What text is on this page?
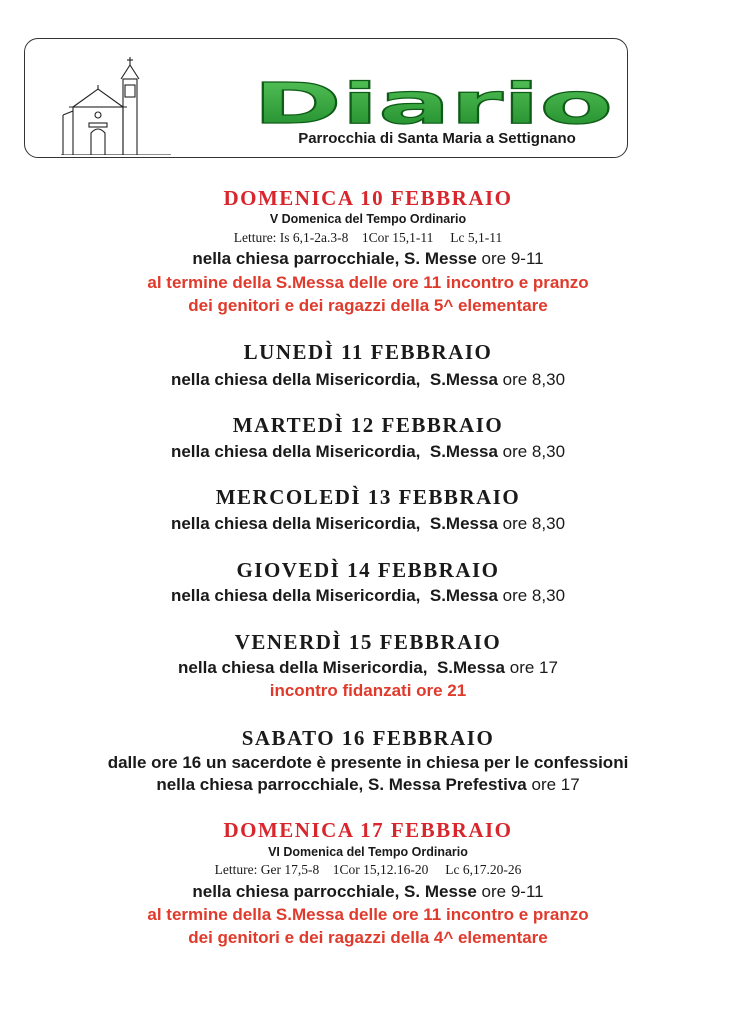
Diario
Parrocchia di Santa Maria a Settignano
DOMENICA 10 FEBBRAIO
V Domenica del Tempo Ordinario
Letture: Is 6,1-2a.3-8 1Cor 15,1-11 Lc 5,1-11
nella chiesa parrocchiale, S. Messe ore 9-11
al termine della S.Messa delle ore 11 incontro e pranzo
dei genitori e dei ragazzi della 5^ elementare
LUNEDÌ 11 FEBBRAIO
nella chiesa della Misericordia, S.Messa ore 8,30
MARTEDÌ 12 FEBBRAIO
nella chiesa della Misericordia, S.Messa ore 8,30
MERCOLEDÌ 13 FEBBRAIO
nella chiesa della Misericordia, S.Messa ore 8,30
GIOVEDÌ 14 FEBBRAIO
nella chiesa della Misericordia, S.Messa ore 8,30
VENERDÌ 15 FEBBRAIO
nella chiesa della Misericordia, S.Messa ore 17
incontro fidanzati ore 21
SABATO 16 FEBBRAIO
dalle ore 16 un sacerdote è presente in chiesa per le confessioni
nella chiesa parrocchiale, S. Messa Prefestiva ore 17
DOMENICA 17 FEBBRAIO
VI Domenica del Tempo Ordinario
Letture: Ger 17,5-8 1Cor 15,12.16-20 Lc 6,17.20-26
nella chiesa parrocchiale, S. Messe ore 9-11
al termine della S.Messa delle ore 11 incontro e pranzo
dei genitori e dei ragazzi della 4^ elementare
